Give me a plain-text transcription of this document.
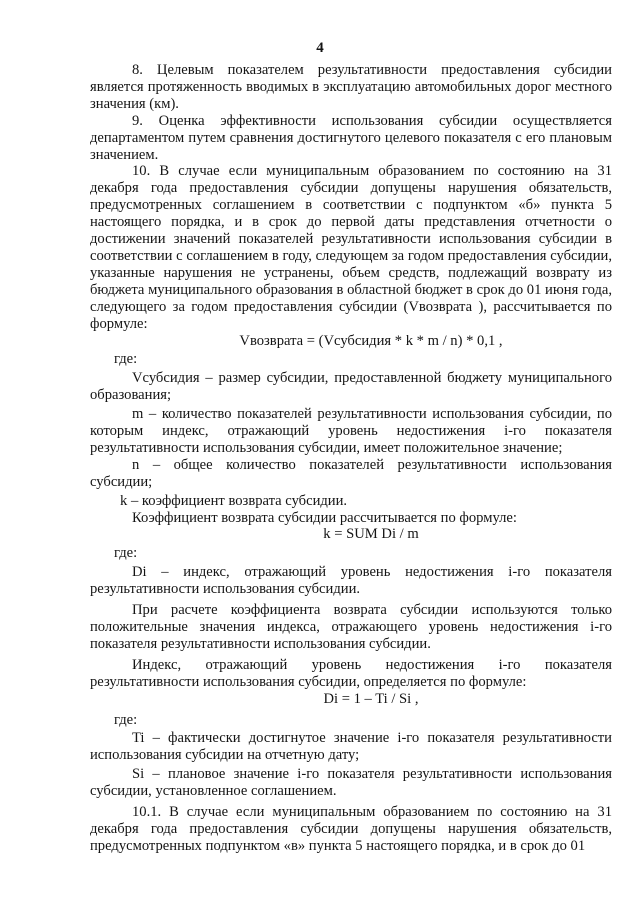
4

8. Целевым показателем результативности предоставления субсидии является протяженность вводимых в эксплуатацию автомобильных дорог местного значения (км).

9. Оценка эффективности использования субсидии осуществляется департаментом путем сравнения достигнутого целевого показателя с его плановым значением.

10. В случае если муниципальным образованием по состоянию на 31 декабря года предоставления субсидии допущены нарушения обязательств, предусмотренных соглашением в соответствии с подпунктом «б» пункта 5 настоящего порядка, и в срок до первой даты представления отчетности о достижении значений показателей результативности использования субсидии в соответствии с соглашением в году, следующем за годом предоставления субсидии, указанные нарушения не устранены, объем средств, подлежащий возврату из бюджета муниципального образования в областной бюджет в срок до 01 июня года, следующего за годом предоставления субсидии (Vвозврата ), рассчитывается по формуле:

Vвозврата = (Vсубсидия * k * m / n) * 0,1 ,

где:

Vсубсидия – размер субсидии, предоставленной бюджету муниципального образования;

m – количество показателей результативности использования субсидии, по которым индекс, отражающий уровень недостижения i-го показателя результативности использования субсидии, имеет положительное значение;

n – общее количество показателей результативности использования субсидии;

k – коэффициент возврата субсидии.

Коэффициент возврата субсидии рассчитывается по формуле:

k = SUM Di / m

где:

Di – индекс, отражающий уровень недостижения i-го показателя результативности использования субсидии.

При расчете коэффициента возврата субсидии используются только положительные значения индекса, отражающего уровень недостижения i-го показателя результативности использования субсидии.

Индекс, отражающий уровень недостижения i-го показателя результативности использования субсидии, определяется по формуле:

Di = 1 – Ti / Si ,

где:

Ti – фактически достигнутое значение i-го показателя результативности использования субсидии на отчетную дату;

Si – плановое значение i-го показателя результативности использования субсидии, установленное соглашением.

10.1. В случае если муниципальным образованием по состоянию на 31 декабря года предоставления субсидии допущены нарушения обязательств, предусмотренных подпунктом «в» пункта 5 настоящего порядка, и в срок до 01
